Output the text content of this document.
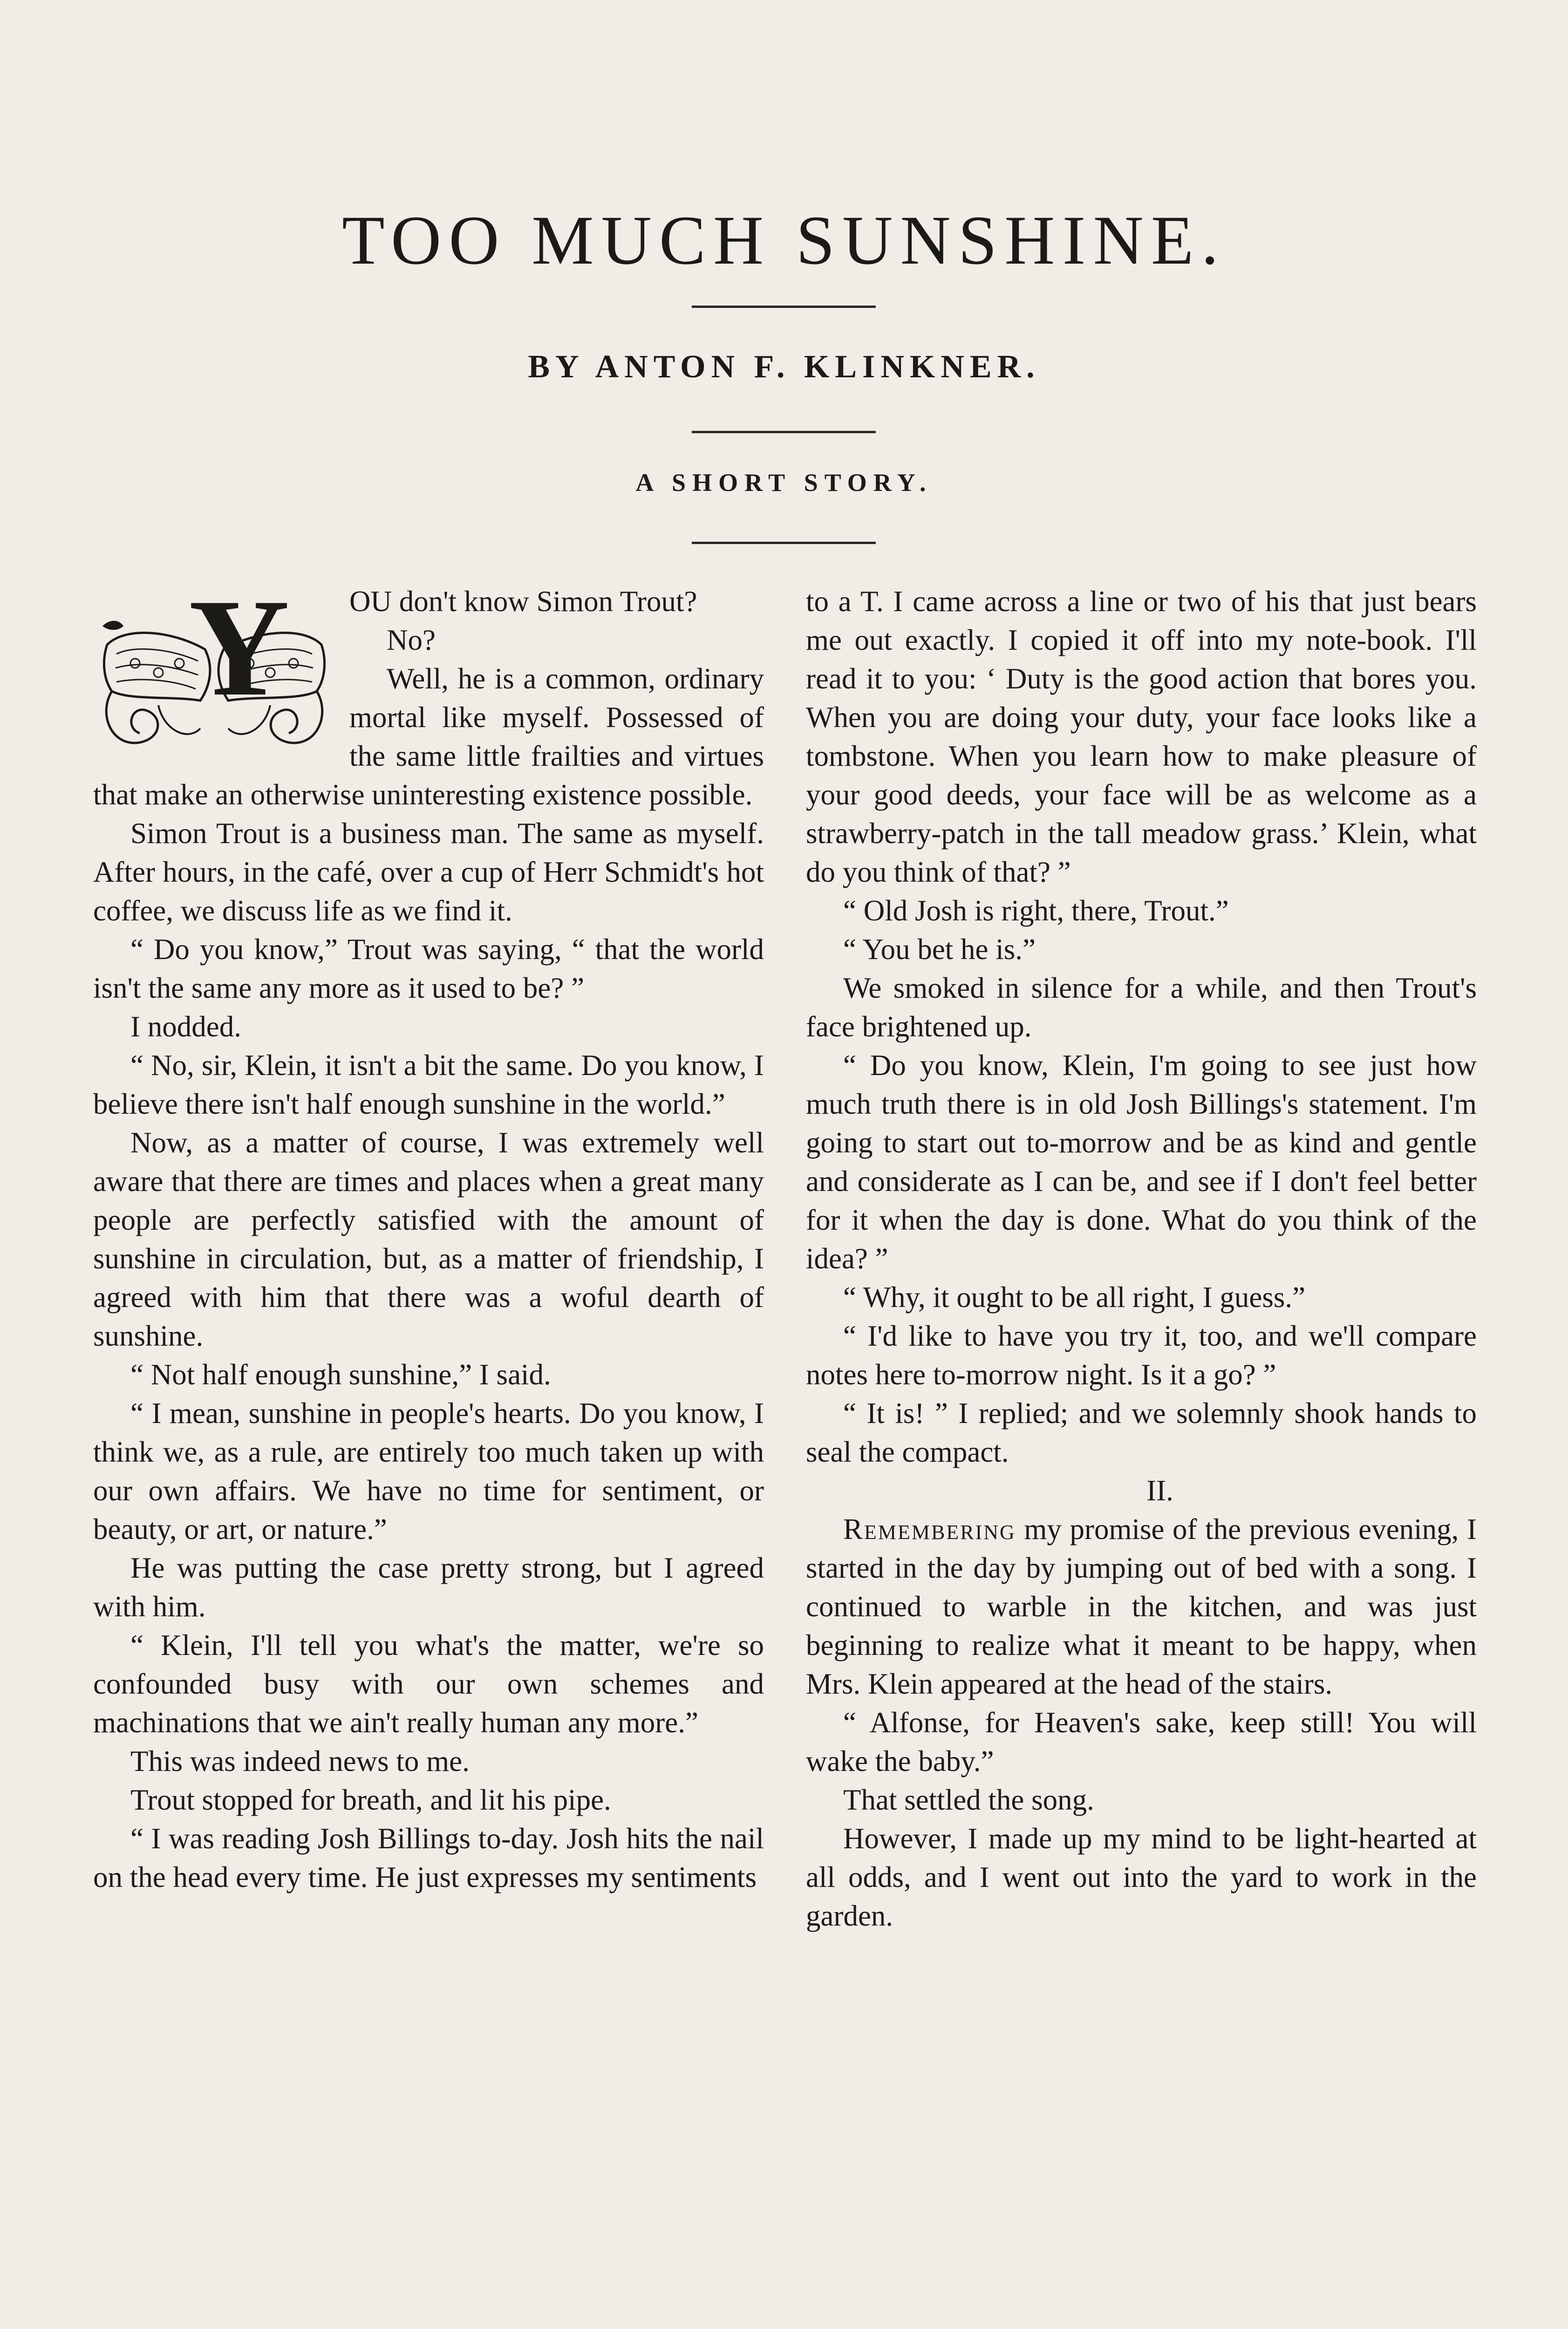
TOO MUCH SUNSHINE.
BY ANTON F. KLINKNER.
A SHORT STORY.
Y	OU don't know Simon Trout?

No?

Well, he is a common, ordinary mortal like myself. Possessed of the same little frailties and virtues that make an otherwise uninteresting existence possible.

Simon Trout is a business man. The same as myself. After hours, in the café, over a cup of Herr Schmidt's hot coffee, we discuss life as we find it.

“ Do you know,” Trout was saying, “ that the world isn't the same any more as it used to be? ”

I nodded.

“ No, sir, Klein, it isn't a bit the same. Do you know, I believe there isn't half enough sunshine in the world.”

Now, as a matter of course, I was extremely well aware that there are times and places when a great many people are perfectly satisfied with the amount of sunshine in circulation, but, as a matter of friendship, I agreed with him that there was a woful dearth of sunshine.

“ Not half enough sunshine,” I said.

“ I mean, sunshine in people's hearts. Do you know, I think we, as a rule, are entirely too much taken up with our own affairs. We have no time for sentiment, or beauty, or art, or nature.”

He was putting the case pretty strong, but I agreed with him.

“ Klein, I'll tell you what's the matter, we're so confounded busy with our own schemes and machinations that we ain't really human any more.”

This was indeed news to me.

Trout stopped for breath, and lit his pipe.

“ I was reading Josh Billings to-day. Josh hits the nail on the head every time. He just expresses my sentiments

to a T. I came across a line or two of his that just bears me out exactly. I copied it off into my note-book. I'll read it to you: ‘ Duty is the good action that bores you. When you are doing your duty, your face looks like a tombstone. When you learn how to make pleasure of your good deeds, your face will be as welcome as a strawberry-patch in the tall meadow grass.’ Klein, what do you think of that? ”

“ Old Josh is right, there, Trout.”

“ You bet he is.”

We smoked in silence for a while, and then Trout's face brightened up.

“ Do you know, Klein, I'm going to see just how much truth there is in old Josh Billings's statement. I'm going to start out to-morrow and be as kind and gentle and considerate as I can be, and see if I don't feel better for it when the day is done. What do you think of the idea? ”

“ Why, it ought to be all right, I guess.”

“ I'd like to have you try it, too, and we'll compare notes here to-morrow night. Is it a go? ”

“ It is! ” I replied; and we solemnly shook hands to seal the compact.

II.

Remembering my promise of the previous evening, I started in the day by jumping out of bed with a song. I continued to warble in the kitchen, and was just beginning to realize what it meant to be happy, when Mrs. Klein appeared at the head of the stairs.

“ Alfonse, for Heaven's sake, keep still! You will wake the baby.”

That settled the song.

However, I made up my mind to be light-hearted at all odds, and I went out into the yard to work in the garden.
